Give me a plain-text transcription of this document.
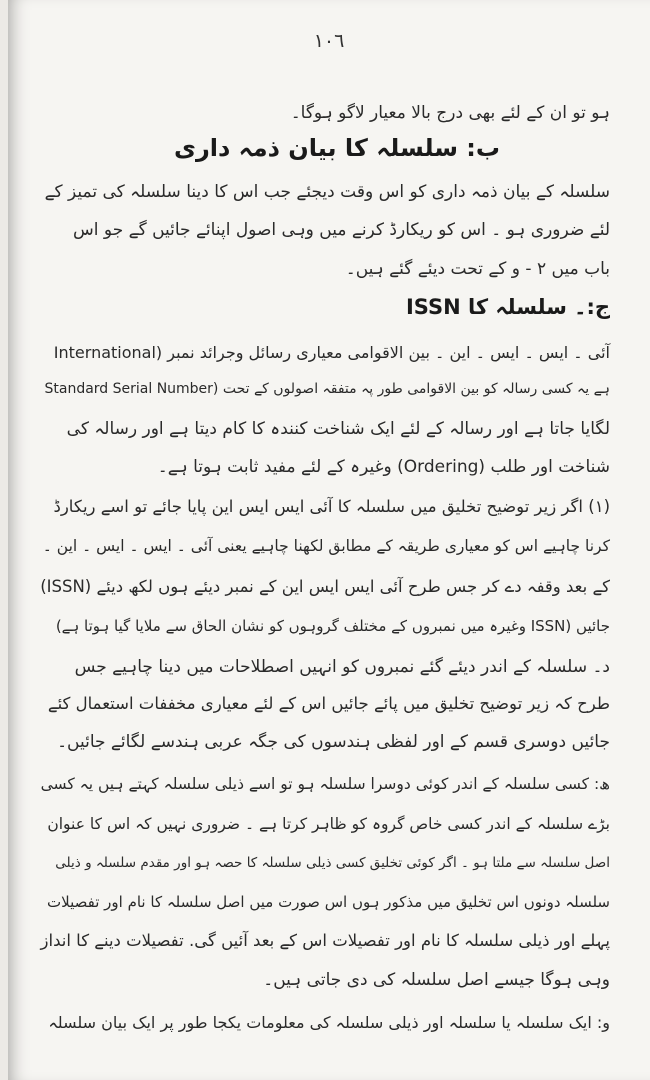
١٠٦
ہو تو ان کے لئے بھی درج بالا معیار لاگو ہوگا۔
ب: سلسلہ کا بیان ذمہ داری
سلسلہ کے بیان ذمہ داری کو اس وقت دیجئے جب اس کا دینا سلسلہ کی تمیز کے
لئے ضروری ہو ۔ اس کو ریکارڈ کرنے میں وہی اصول اپنائے جائیں گے جو اس
باب میں ۲ - و کے تحت دیئے گئے ہیں۔
ج:۔ سلسلہ کا ISSN
آئی ۔ ایس ۔ ایس ۔ این ۔ بین الاقوامی معیاری رسائل وجرائد نمبر (International
Standard Serial Number) ہے یہ کسی رسالہ کو بین الاقوامی طور پہ متفقہ اصولوں کے تحت
لگایا جاتا ہے اور رسالہ کے لئے ایک شناخت کنندہ کا کام دیتا ہے اور رسالہ کی
شناخت اور طلب (Ordering) وغیرہ کے لئے مفید ثابت ہوتا ہے۔
(۱) اگر زیر توضیح تخلیق میں سلسلہ کا آئی ایس ایس این پایا جائے تو اسے ریکارڈ
کرنا چاہیے اس کو معیاری طریقہ کے مطابق لکھنا چاہیے یعنی آئی ۔ ایس ۔ ایس ۔ این ۔
(ISSN) کے بعد وقفہ دے کر جس طرح آئی ایس ایس این کے نمبر دیئے ہوں لکھ دیئے
جائیں (ISSN وغیرہ میں نمبروں کے مختلف گروہوں کو نشان الحاق سے ملایا گیا ہوتا ہے)
د۔ سلسلہ کے اندر دیئے گئے نمبروں کو انہیں اصطلاحات میں دینا چاہیے جس
طرح کہ زیر توضیح تخلیق میں پائے جائیں اس کے لئے معیاری مخففات استعمال کئے
جائیں دوسری قسم کے اور لفظی ہندسوں کی جگہ عربی ہندسے لگائے جائیں۔
ھ: کسی سلسلہ کے اندر کوئی دوسرا سلسلہ ہو تو اسے ذیلی سلسلہ کہتے ہیں یہ کسی
بڑے سلسلہ کے اندر کسی خاص گروہ کو ظاہر کرتا ہے ۔ ضروری نہیں کہ اس کا عنوان
اصل سلسلہ سے ملتا ہو ۔ اگر کوئی تخلیق کسی ذیلی سلسلہ کا حصہ ہو اور مقدم سلسلہ و ذیلی
سلسلہ دونوں اس تخلیق میں مذکور ہوں اس صورت میں اصل سلسلہ کا نام اور تفصیلات
پہلے اور ذیلی سلسلہ کا نام اور تفصیلات اس کے بعد آئیں گی. تفصیلات دینے کا انداز
وہی ہوگا جیسے اصل سلسلہ کی دی جاتی ہیں۔
و: ایک سلسلہ یا سلسلہ اور ذیلی سلسلہ کی معلومات یکجا طور پر ایک بیان سلسلہ
